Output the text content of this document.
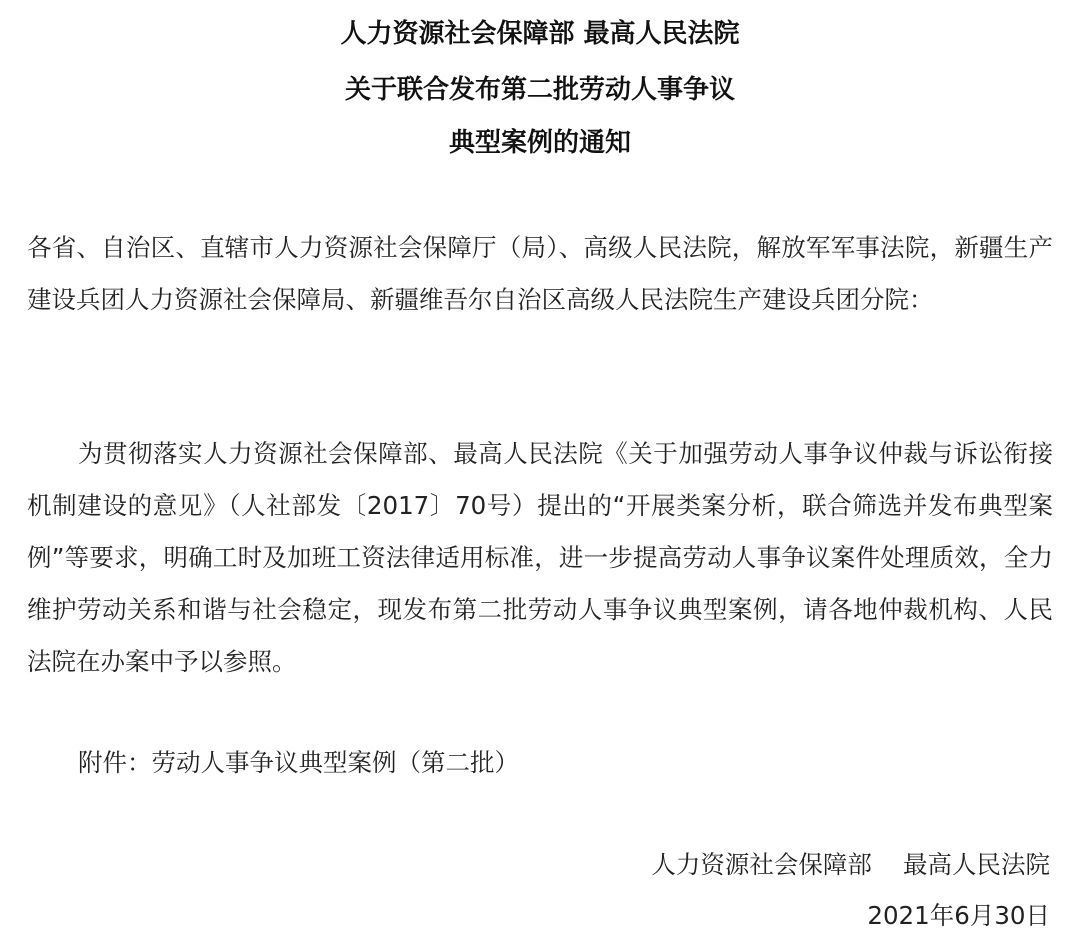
人力资源社会保障部 最高人民法院
关于联合发布第二批劳动人事争议
典型案例的通知

各省、自治区、直辖市人力资源社会保障厅（局）、高级人民法院，解放军军事法院，新疆生产建设兵团人力资源社会保障局、新疆维吾尔自治区高级人民法院生产建设兵团分院：

为贯彻落实人力资源社会保障部、最高人民法院《关于加强劳动人事争议仲裁与诉讼衔接机制建设的意见》（人社部发〔2017〕70号）提出的“开展类案分析，联合筛选并发布典型案例”等要求，明确工时及加班工资法律适用标准，进一步提高劳动人事争议案件处理质效，全力维护劳动关系和谐与社会稳定，现发布第二批劳动人事争议典型案例，请各地仲裁机构、人民法院在办案中予以参照。

附件：劳动人事争议典型案例（第二批）

人力资源社会保障部    最高人民法院
2021年6月30日
